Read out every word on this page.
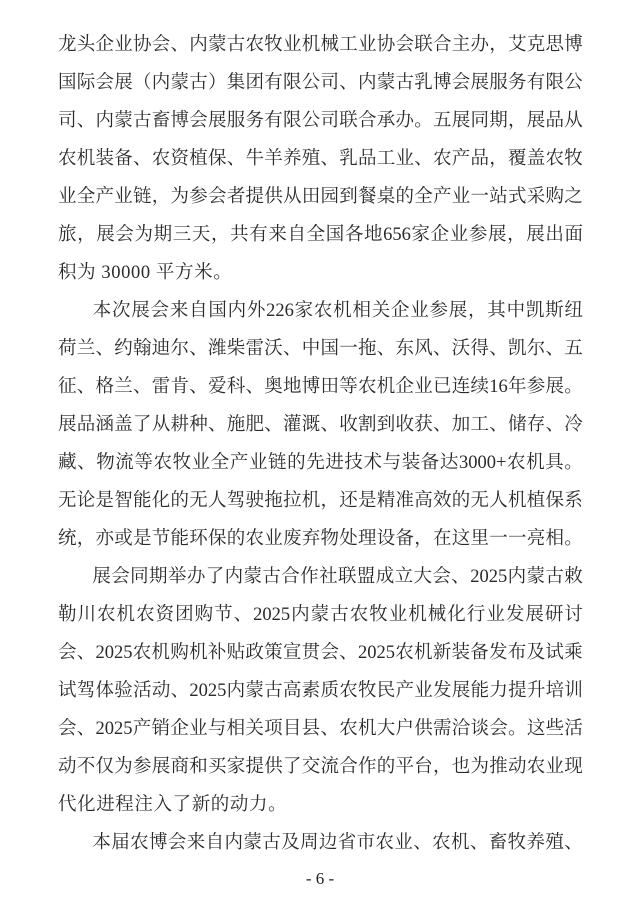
龙 头 企 业 协 会 、 内 蒙 古 农 牧 业 机 械 工 业 协 会 联 合 主 办 ， 艾 克 思 博
国 际 会 展 （ 内 蒙 古 ） 集 团 有 限 公 司 、 内 蒙 古 乳 博 会 展 服 务 有 限 公
司 、 内 蒙 古 畜 博 会 展 服 务 有 限 公 司 联 合 承 办 。 五 展 同 期 ， 展 品 从
农 机 装 备 、 农 资 植 保 、 牛 羊 养 殖 、 乳 品 工 业 、 农 产 品 ， 覆 盖 农 牧
业 全 产 业 链 ， 为 参 会 者 提 供 从 田 园 到 餐 桌 的 全 产 业 一 站 式 采 购 之
旅 ， 展 会 为 期 三 天 ， 共 有 来 自 全 国 各 地 656 家 企 业 参 展 ， 展 出 面
积为 30000 平方米。
本 次 展 会 来 自 国 内 外 226 家 农 机 相 关 企 业 参 展 ， 其 中 凯 斯 纽
荷 兰 、 约 翰 迪 尔 、 潍 柴 雷 沃 、 中 国 一 拖 、 东 风 、 沃 得 、 凯 尔 、 五
征 、 格 兰 、 雷 肯 、 爱 科 、 奥 地 博 田 等 农 机 企 业 已 连 续 16 年 参 展 。
展 品 涵 盖 了 从 耕 种 、 施 肥 、 灌 溉 、 收 割 到 收 获 、 加 工 、 储 存 、 冷
藏 、 物 流 等 农 牧 业 全 产 业 链 的 先 进 技 术 与 装 备 达 3000+ 农 机 具 。
无 论 是 智 能 化 的 无 人 驾 驶 拖 拉 机 ， 还 是 精 准 高 效 的 无 人 机 植 保 系
统 ， 亦 或 是 节 能 环 保 的 农 业 废 弃 物 处 理 设 备 ， 在 这 里 一 一 亮 相 。
展 会 同 期 举 办 了 内 蒙 古 合 作 社 联 盟 成 立 大 会 、 2025 内 蒙 古 敕
勒 川 农 机 农 资 团 购 节 、 2025 内 蒙 古 农 牧 业 机 械 化 行 业 发 展 研 讨
会 、 2025 农 机 购 机 补 贴 政 策 宣 贯 会 、 2025 农 机 新 装 备 发 布 及 试 乘
试 驾 体 验 活 动 、 2025 内 蒙 古 高 素 质 农 牧 民 产 业 发 展 能 力 提 升 培 训
会 、 2025 产 销 企 业 与 相 关 项 目 县 、 农 机 大 户 供 需 洽 谈 会 。 这 些 活
动 不 仅 为 参 展 商 和 买 家 提 供 了 交 流 合 作 的 平 台 ， 也 为 推 动 农 业 现
代化进程注入了新的动力。
本 届 农 博 会 来 自 内 蒙 古 及 周 边 省 市 农 业 、 农 机 、 畜 牧 养 殖 、
- 6 -
